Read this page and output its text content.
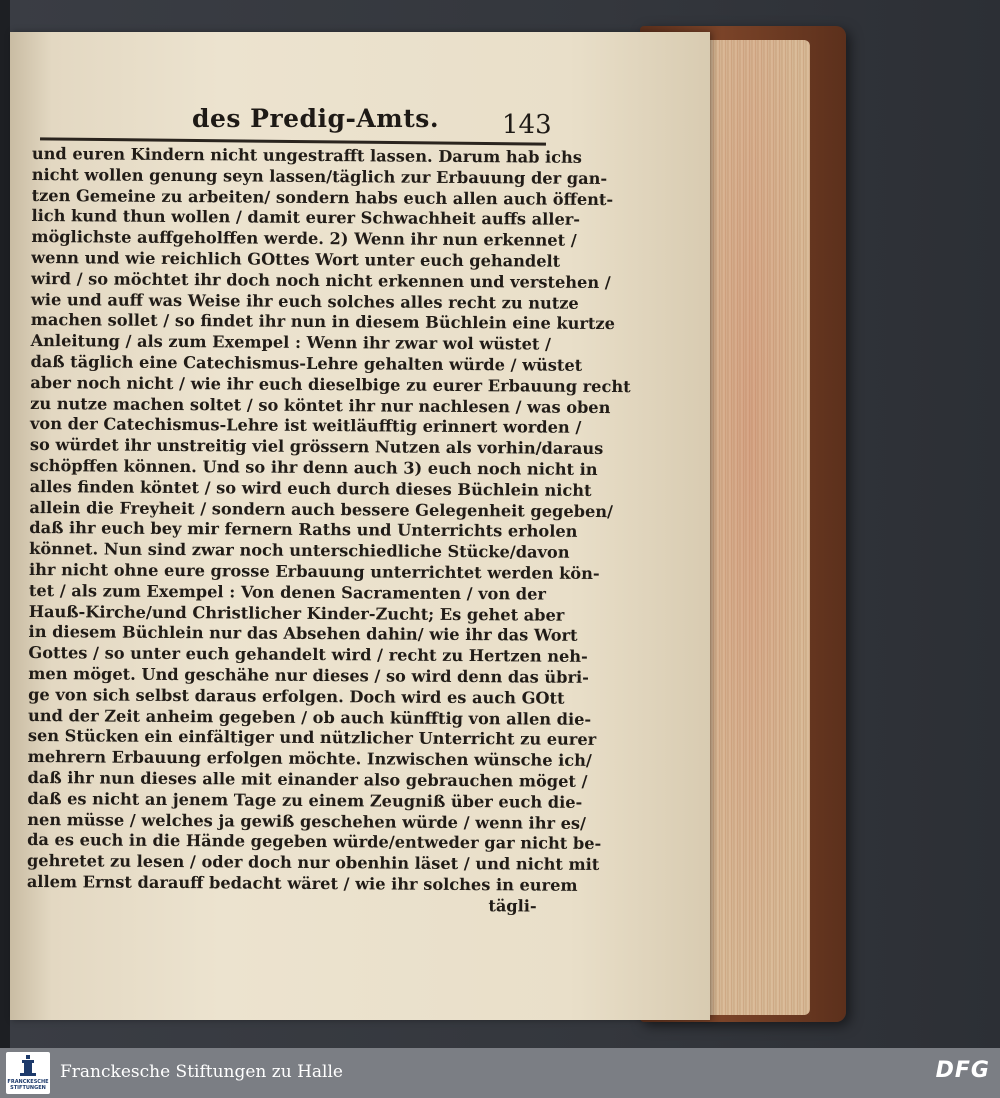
des Predig-Amts. 143
und euren Kindern nicht ungestrafft lassen. Darum hab ichs
nicht wollen genung seyn lassen/täglich zur Erbauung der gan-
tzen Gemeine zu arbeiten/ sondern habs euch allen auch öffent-
lich kund thun wollen / damit eurer Schwachheit auffs aller-
möglichste auffgeholffen werde. 2) Wenn ihr nun erkennet /
wenn und wie reichlich GOttes Wort unter euch gehandelt
wird / so möchtet ihr doch noch nicht erkennen und verstehen /
wie und auff was Weise ihr euch solches alles recht zu nutze
machen sollet / so findet ihr nun in diesem Büchlein eine kurtze
Anleitung / als zum Exempel : Wenn ihr zwar wol wüstet /
daß täglich eine Catechismus-Lehre gehalten würde / wüstet
aber noch nicht / wie ihr euch dieselbige zu eurer Erbauung recht
zu nutze machen soltet / so köntet ihr nur nachlesen / was oben
von der Catechismus-Lehre ist weitläufftig erinnert worden /
so würdet ihr unstreitig viel grössern Nutzen als vorhin/daraus
schöpffen können. Und so ihr denn auch 3) euch noch nicht in
alles finden köntet / so wird euch durch dieses Büchlein nicht
allein die Freyheit / sondern auch bessere Gelegenheit gegeben/
daß ihr euch bey mir fernern Raths und Unterrichts erholen
könnet. Nun sind zwar noch unterschiedliche Stücke/davon
ihr nicht ohne eure grosse Erbauung unterrichtet werden kön-
tet / als zum Exempel : Von denen Sacramenten / von der
Hauß-Kirche/und Christlicher Kinder-Zucht; Es gehet aber
in diesem Büchlein nur das Absehen dahin/ wie ihr das Wort
Gottes / so unter euch gehandelt wird / recht zu Hertzen neh-
men möget. Und geschähe nur dieses / so wird denn das übri-
ge von sich selbst daraus erfolgen. Doch wird es auch GOtt
und der Zeit anheim gegeben / ob auch künfftig von allen die-
sen Stücken ein einfältiger und nützlicher Unterricht zu eurer
mehrern Erbauung erfolgen möchte. Inzwischen wünsche ich/
daß ihr nun dieses alle mit einander also gebrauchen möget /
daß es nicht an jenem Tage zu einem Zeugniß über euch die-
nen müsse / welches ja gewiß geschehen würde / wenn ihr es/
da es euch in die Hände gegeben würde/entweder gar nicht be-
gehretet zu lesen / oder doch nur obenhin läset / und nicht mit
allem Ernst darauff bedacht wäret / wie ihr solches in eurem
tägli-
FRANCKESCHE
STIFTUNGEN
Franckesche Stiftungen zu Halle	DFG
